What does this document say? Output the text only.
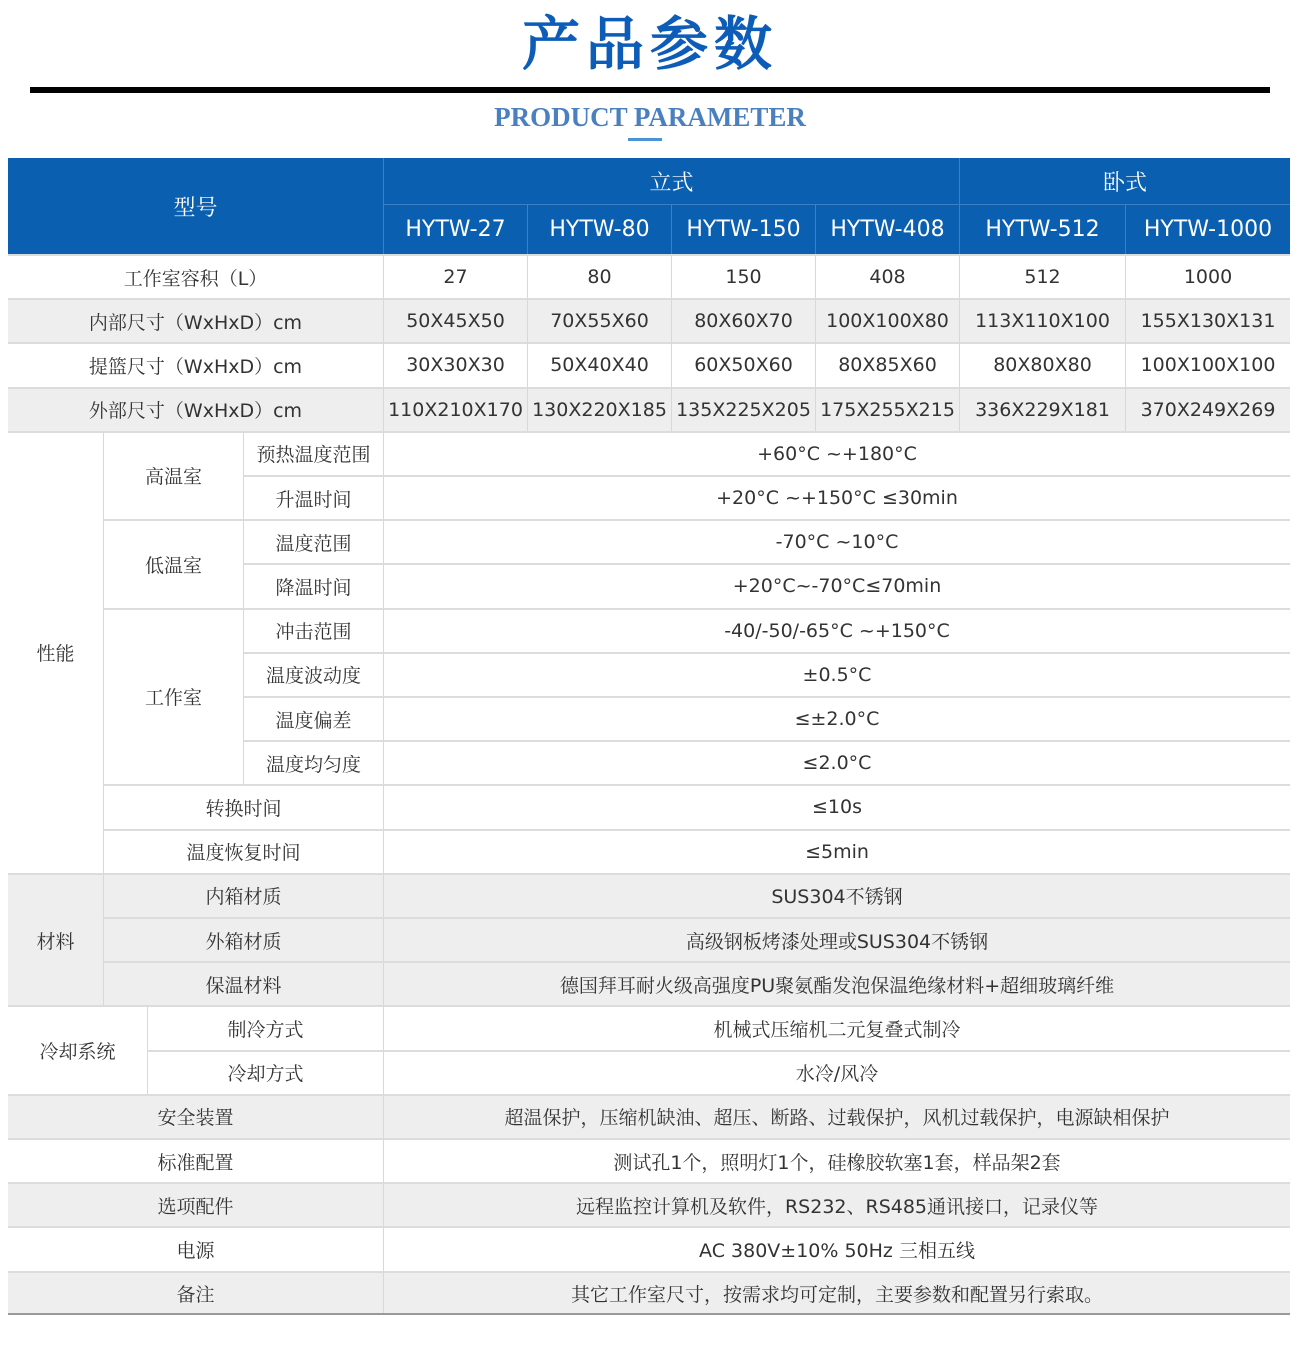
产品参数
PRODUCT PARAMETER
型号
立式	卧式
HYTW-27	HYTW-80	HYTW-150	HYTW-408	HYTW-512	HYTW-1000
工作室容积（L）	27	80	150	408	512	1000
内部尺寸（WxHxD）cm	50X45X50	70X55X60	80X60X70	100X100X80	113X110X100	155X130X131
提篮尺寸（WxHxD）cm	30X30X30	50X40X40	60X50X60	80X85X60	80X80X80	100X100X100
外部尺寸（WxHxD）cm	110X210X170 130X220X185 135X225X205 175X255X215	336X229X181	370X249X269
性能
高温室
预热温度范围	+60°C ~+180°C
升温时间	+20°C ~+150°C ≤30min
低温室
温度范围	-70°C ~10°C
降温时间	+20°C~-70°C≤70min
工作室
冲击范围	-40/-50/-65°C ~+150°C
温度波动度	±0.5°C
温度偏差	≤±2.0°C
温度均匀度	≤2.0°C
转换时间	≤10s
温度恢复时间	≤5min
材料
内箱材质	SUS304不锈钢
外箱材质	高级钢板烤漆处理或SUS304不锈钢
保温材料	德国拜耳耐火级高强度PU聚氨酯发泡保温绝缘材料+超细玻璃纤维
冷却系统
制冷方式	机械式压缩机二元复叠式制冷
冷却方式	水冷/风冷
安全装置	超温保护，压缩机缺油、超压、断路、过载保护，风机过载保护，电源缺相保护
标准配置	测试孔1个，照明灯1个，硅橡胶软塞1套，样品架2套
选项配件	远程监控计算机及软件，RS232、RS485通讯接口，记录仪等
电源	AC 380V±10% 50Hz 三相五线
备注	其它工作室尺寸，按需求均可定制，主要参数和配置另行索取。
